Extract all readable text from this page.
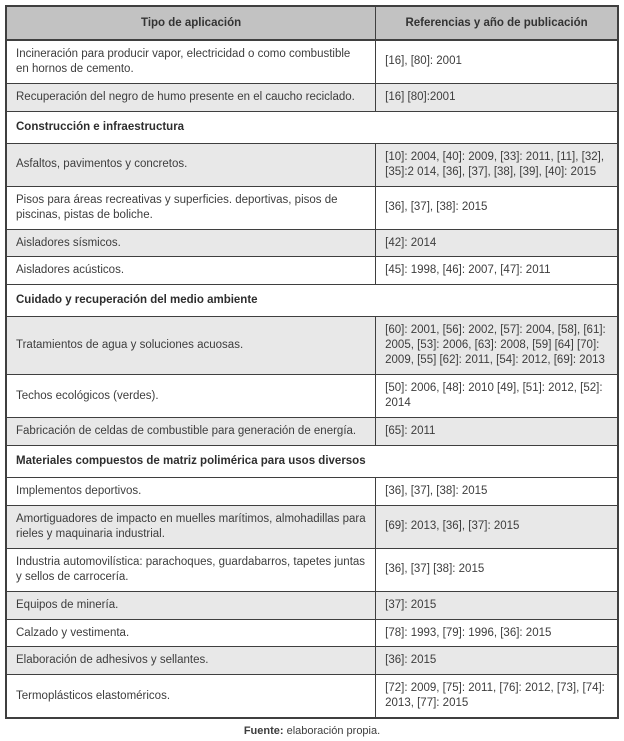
Tipo de aplicación	Referencias y año de publicación
Incineración para producir vapor, electricidad o como combustible en hornos de cemento.	[16], [80]: 2001
Recuperación del negro de humo presente en el caucho reciclado.	[16] [80]:2001
Construcción e infraestructura	
Asfaltos, pavimentos y concretos.	[10]: 2004, [40]: 2009, [33]: 2011, [11], [32], [35]:2 014, [36], [37], [38], [39], [40]: 2015
Pisos para áreas recreativas y superficies. deportivas, pisos de piscinas, pistas de boliche.	[36], [37], [38]: 2015
Aisladores sísmicos.	[42]: 2014
Aisladores acústicos.	[45]: 1998, [46]: 2007, [47]: 2011
Cuidado y recuperación del medio ambiente	
Tratamientos de agua y soluciones acuosas.	[60]: 2001, [56]: 2002, [57]: 2004, [58], [61]: 2005, [53]: 2006, [63]: 2008, [59] [64] [70]: 2009, [55] [62]: 2011, [54]: 2012, [69]: 2013
Techos ecológicos (verdes).	[50]: 2006, [48]: 2010 [49], [51]: 2012, [52]: 2014
Fabricación de celdas de combustible para generación de energía.	[65]: 2011
Materiales compuestos de matriz polimérica para usos diversos	
Implementos deportivos.	[36], [37], [38]: 2015
Amortiguadores de impacto en muelles marítimos, almohadillas para rieles y maquinaria industrial.	[69]: 2013, [36], [37]: 2015
Industria automovilística: parachoques, guardabarros, tapetes juntas y sellos de carrocería.	[36], [37] [38]: 2015
Equipos de minería.	[37]: 2015
Calzado y vestimenta.	[78]: 1993, [79]: 1996, [36]: 2015
Elaboración de adhesivos y sellantes.	[36]: 2015
Termoplásticos elastoméricos.	[72]: 2009, [75]: 2011, [76]: 2012, [73], [74]: 2013, [77]: 2015
Fuente: elaboración propia.
